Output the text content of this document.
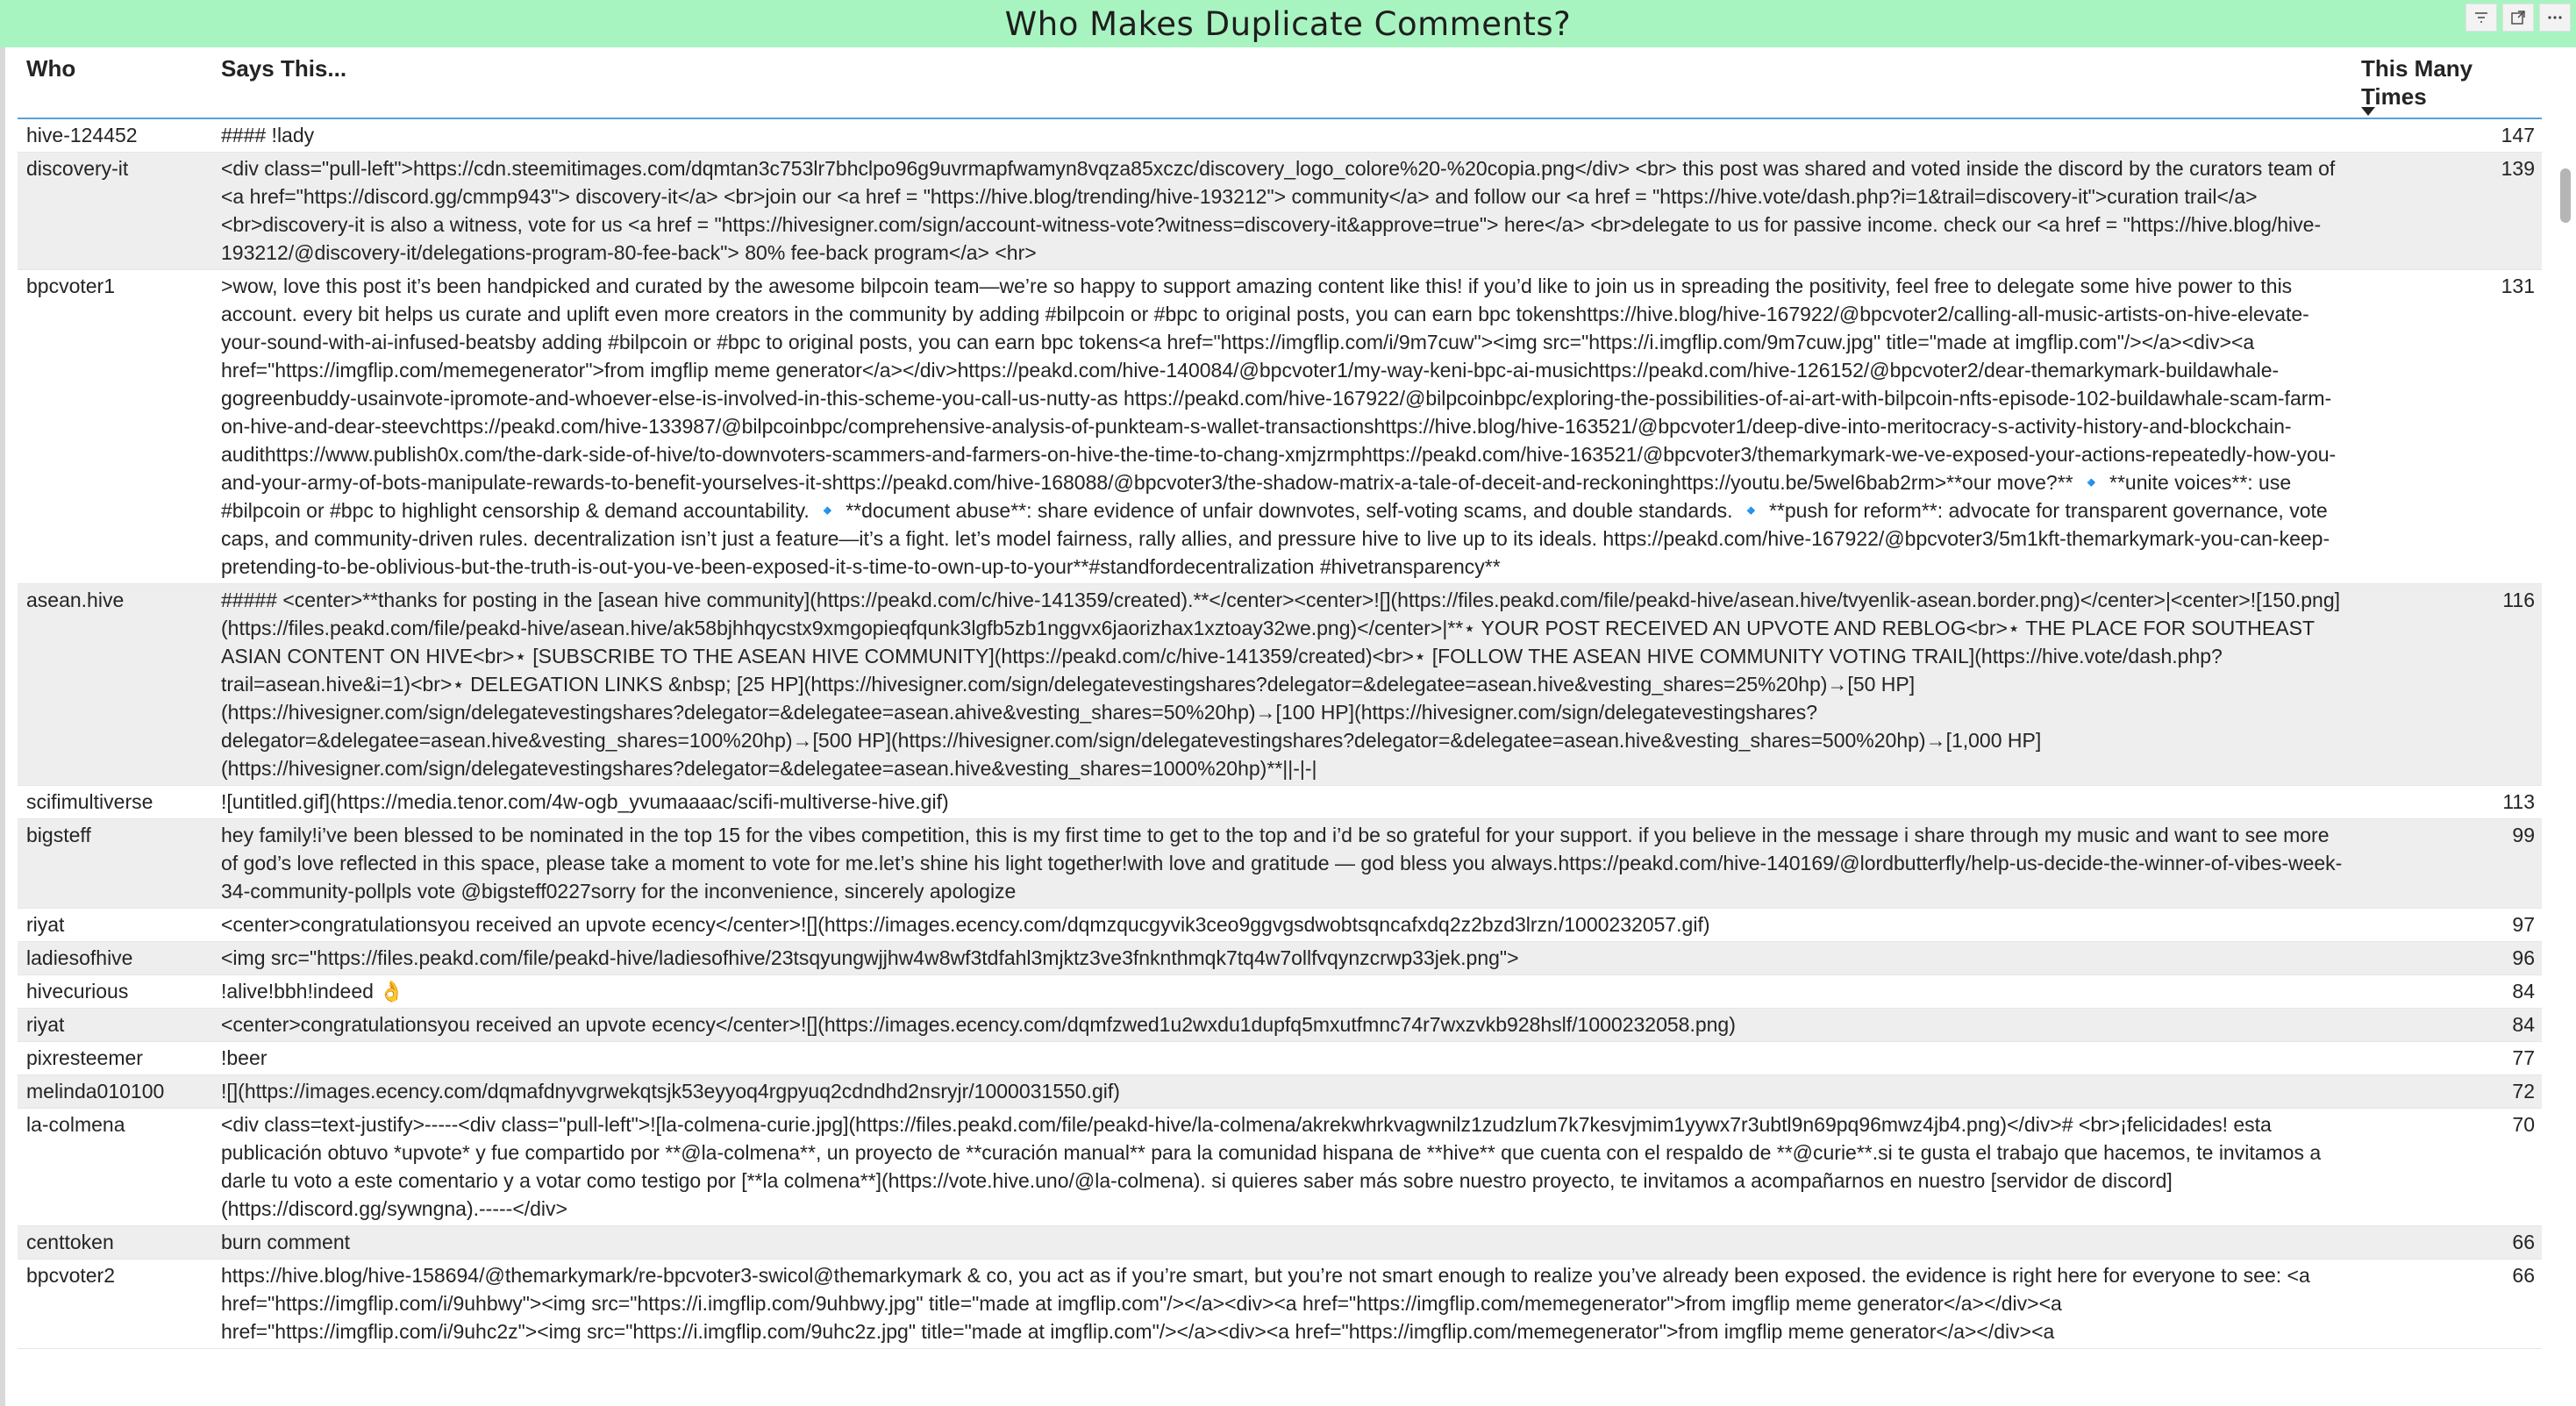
Who Makes Duplicate Comments?
Who	Says This...	This Many Times

hive-124452	#### !lady	147
discovery-it	<div class="pull-left">https://cdn.steemitimages.com/dqmtan3c753lr7bhclpo96g9uvrmapfwamyn8vqza85xczc/discovery_logo_colore%20-%20copia.png</div> <br> this post was shared and voted inside the discord by the curators team of <a href="https://discord.gg/cmmp943"> discovery-it</a> <br>join our <a href = "https://hive.blog/trending/hive-193212"> community</a> and follow our <a href = "https://hive.vote/dash.php?i=1&trail=discovery-it">curation trail</a> <br>discovery-it is also a witness, vote for us <a href = "https://hivesigner.com/sign/account-witness-vote?witness=discovery-it&approve=true"> here</a> <br>delegate to us for passive income. check our <a href = "https://hive.blog/hive-193212/@discovery-it/delegations-program-80-fee-back"> 80% fee-back program</a> <hr>	139
bpcvoter1	>wow, love this post it’s been handpicked and curated by the awesome bilpcoin team—we’re so happy to support amazing content like this! if you’d like to join us in spreading the positivity, feel free to delegate some hive power to this account. every bit helps us curate and uplift even more creators in the community by adding #bilpcoin or #bpc to original posts, you can earn bpc tokenshttps://hive.blog/hive-167922/@bpcvoter2/calling-all-music-artists-on-hive-elevate-your-sound-with-ai-infused-beatsby adding #bilpcoin or #bpc to original posts, you can earn bpc tokens<a href="https://imgflip.com/i/9m7cuw"><img src="https://i.imgflip.com/9m7cuw.jpg" title="made at imgflip.com"/></a><div><a href="https://imgflip.com/memegenerator">from imgflip meme generator</a></div>https://peakd.com/hive-140084/@bpcvoter1/my-way-keni-bpc-ai-musichttps://peakd.com/hive-126152/@bpcvoter2/dear-themarkymark-buildawhale-gogreenbuddy-usainvote-ipromote-and-whoever-else-is-involved-in-this-scheme-you-call-us-nutty-as https://peakd.com/hive-167922/@bilpcoinbpc/exploring-the-possibilities-of-ai-art-with-bilpcoin-nfts-episode-102-buildawhale-scam-farm-on-hive-and-dear-steevchttps://peakd.com/hive-133987/@bilpcoinbpc/comprehensive-analysis-of-punkteam-s-wallet-transactionshttps://hive.blog/hive-163521/@bpcvoter1/deep-dive-into-meritocracy-s-activity-history-and-blockchain-audithttps://www.publish0x.com/the-dark-side-of-hive/to-downvoters-scammers-and-farmers-on-hive-the-time-to-chang-xmjzrmphttps://peakd.com/hive-163521/@bpcvoter3/themarkymark-we-ve-exposed-your-actions-repeatedly-how-you-and-your-army-of-bots-manipulate-rewards-to-benefit-yourselves-it-shttps://peakd.com/hive-168088/@bpcvoter3/the-shadow-matrix-a-tale-of-deceit-and-reckoninghttps://youtu.be/5wel6bab2rm>**our move?** 🔹 **unite voices**: use #bilpcoin or #bpc to highlight censorship & demand accountability. 🔹 **document abuse**: share evidence of unfair downvotes, self-voting scams, and double standards. 🔹 **push for reform**: advocate for transparent governance, vote caps, and community-driven rules. decentralization isn’t just a feature—it’s a fight. let’s model fairness, rally allies, and pressure hive to live up to its ideals. https://peakd.com/hive-167922/@bpcvoter3/5m1kft-themarkymark-you-can-keep-pretending-to-be-oblivious-but-the-truth-is-out-you-ve-been-exposed-it-s-time-to-own-up-to-your**#standfordecentralization #hivetransparency**	131
asean.hive	##### <center>**thanks for posting in the [asean hive community](https://peakd.com/c/hive-141359/created).**</center><center>![](https://files.peakd.com/file/peakd-hive/asean.hive/tvyenlik-asean.border.png)</center>|<center>![150.png](https://files.peakd.com/file/peakd-hive/asean.hive/ak58bjhhqycstx9xmgopieqfqunk3lgfb5zb1nggvx6jaorizhax1xztoay32we.png)</center>|**⋆ YOUR POST RECEIVED AN UPVOTE AND REBLOG<br>⋆ THE PLACE FOR SOUTHEAST ASIAN CONTENT ON HIVE<br>⋆ [SUBSCRIBE TO THE ASEAN HIVE COMMUNITY](https://peakd.com/c/hive-141359/created)<br>⋆ [FOLLOW THE ASEAN HIVE COMMUNITY VOTING TRAIL](https://hive.vote/dash.php?trail=asean.hive&i=1)<br>⋆ DELEGATION LINKS &nbsp; [25 HP](https://hivesigner.com/sign/delegatevestingshares?delegator=&delegatee=asean.hive&vesting_shares=25%20hp)→[50 HP](https://hivesigner.com/sign/delegatevestingshares?delegator=&delegatee=asean.ahive&vesting_shares=50%20hp)→[100 HP](https://hivesigner.com/sign/delegatevestingshares?delegator=&delegatee=asean.hive&vesting_shares=100%20hp)→[500 HP](https://hivesigner.com/sign/delegatevestingshares?delegator=&delegatee=asean.hive&vesting_shares=500%20hp)→[1,000 HP](https://hivesigner.com/sign/delegatevestingshares?delegator=&delegatee=asean.hive&vesting_shares=1000%20hp)**||-|-|	116
scifimultiverse	![untitled.gif](https://media.tenor.com/4w-ogb_yvumaaaac/scifi-multiverse-hive.gif)	113
bigsteff	hey family!i’ve been blessed to be nominated in the top 15 for the vibes competition, this is my first time to get to the top and i’d be so grateful for your support. if you believe in the message i share through my music and want to see more of god’s love reflected in this space, please take a moment to vote for me.let’s shine his light together!with love and gratitude — god bless you always.https://peakd.com/hive-140169/@lordbutterfly/help-us-decide-the-winner-of-vibes-week-34-community-pollpls vote @bigsteff0227sorry for the inconvenience, sincerely apologize	99
riyat	<center>congratulationsyou received an upvote ecency</center>![](https://images.ecency.com/dqmzqucgyvik3ceo9ggvgsdwobtsqncafxdq2z2bzd3lrzn/1000232057.gif)	97
ladiesofhive	<img src="https://files.peakd.com/file/peakd-hive/ladiesofhive/23tsqyungwjjhw4w8wf3tdfahl3mjktz3ve3fnknthmqk7tq4w7ollfvqynzcrwp33jek.png">	96
hivecurious	!alive!bbh!indeed 👌	84
riyat	<center>congratulationsyou received an upvote ecency</center>![](https://images.ecency.com/dqmfzwed1u2wxdu1dupfq5mxutfmnc74r7wxzvkb928hslf/1000232058.png)	84
pixresteemer	!beer	77
melinda010100	![](https://images.ecency.com/dqmafdnyvgrwekqtsjk53eyyoq4rgpyuq2cdndhd2nsryjr/1000031550.gif)	72
la-colmena	<div class=text-justify>-----<div class="pull-left">![la-colmena-curie.jpg](https://files.peakd.com/file/peakd-hive/la-colmena/akrekwhrkvagwnilz1zudzlum7k7kesvjmim1yywx7r3ubtl9n69pq96mwz4jb4.png)</div># <br>¡felicidades! esta publicación obtuvo *upvote* y fue compartido por **@la-colmena**, un proyecto de **curación manual** para la comunidad hispana de **hive** que cuenta con el respaldo de **@curie**.si te gusta el trabajo que hacemos, te invitamos a darle tu voto a este comentario y a votar como testigo por [**la colmena**](https://vote.hive.uno/@la-colmena). si quieres saber más sobre nuestro proyecto, te invitamos a acompañarnos en nuestro [servidor de discord](https://discord.gg/sywngna).-----</div>	70
centtoken	burn comment	66
bpcvoter2	https://hive.blog/hive-158694/@themarkymark/re-bpcvoter3-swicol@themarkymark & co, you act as if you’re smart, but you’re not smart enough to realize you’ve already been exposed. the evidence is right here for everyone to see: <a href="https://imgflip.com/i/9uhbwy"><img src="https://i.imgflip.com/9uhbwy.jpg" title="made at imgflip.com"/></a><div><a href="https://imgflip.com/memegenerator">from imgflip meme generator</a></div><a href="https://imgflip.com/i/9uhc2z"><img src="https://i.imgflip.com/9uhc2z.jpg" title="made at imgflip.com"/></a><div><a href="https://imgflip.com/memegenerator">from imgflip meme generator</a></div><a	66
